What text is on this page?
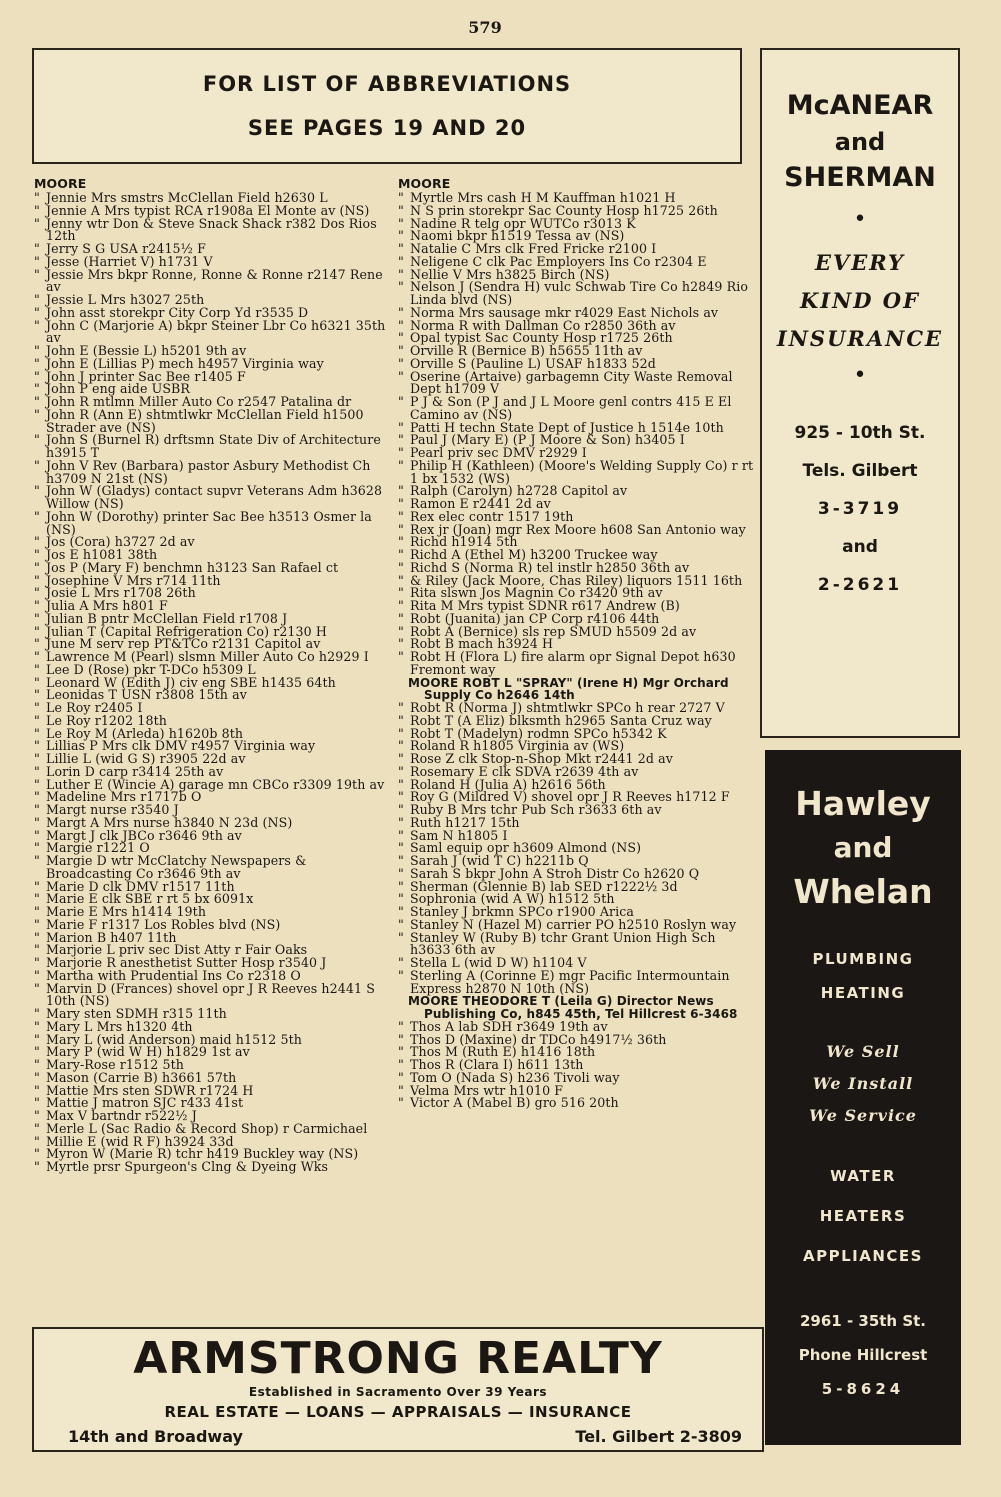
579
FOR LIST OF ABBREVIATIONS
SEE PAGES 19 AND 20
MOORE

" Jennie Mrs smstrs McClellan Field h2630 L

" Jennie A Mrs typist RCA r1908a El Monte av (NS)

" Jenny wtr Don & Steve Snack Shack r382 Dos Rios 12th

" Jerry S G USA r2415½ F

" Jesse (Harriet V) h1731 V

" Jessie Mrs bkpr Ronne, Ronne & Ronne r2147 Rene av

" Jessie L Mrs h3027 25th

" John asst storekpr City Corp Yd r3535 D

" John C (Marjorie A) bkpr Steiner Lbr Co h6321 35th av

" John E (Bessie L) h5201 9th av

" John E (Lillias P) mech h4957 Virginia way

" John J printer Sac Bee r1405 F

" John P eng aide USBR

" John R mtlmn Miller Auto Co r2547 Patalina dr

" John R (Ann E) shtmtlwkr McClellan Field h1500 Strader ave (NS)

" John S (Burnel R) drftsmn State Div of Architecture h3915 T

" John V Rev (Barbara) pastor Asbury Methodist Ch h3709 N 21st (NS)

" John W (Gladys) contact supvr Veterans Adm h3628 Willow (NS)

" John W (Dorothy) printer Sac Bee h3513 Osmer la (NS)

" Jos (Cora) h3727 2d av

" Jos E h1081 38th

" Jos P (Mary F) benchmn h3123 San Rafael ct

" Josephine V Mrs r714 11th

" Josie L Mrs r1708 26th

" Julia A Mrs h801 F

" Julian B pntr McClellan Field r1708 J

" Julian T (Capital Refrigeration Co) r2130 H

" June M serv rep PT&TCo r2131 Capitol av

" Lawrence M (Pearl) slsmn Miller Auto Co h2929 I

" Lee D (Rose) pkr T-DCo h5309 L

" Leonard W (Edith J) civ eng SBE h1435 64th

" Leonidas T USN r3808 15th av

" Le Roy r2405 I

" Le Roy r1202 18th

" Le Roy M (Arleda) h1620b 8th

" Lillias P Mrs clk DMV r4957 Virginia way

" Lillie L (wid G S) r3905 22d av

" Lorin D carp r3414 25th av

" Luther E (Wincie A) garage mn CBCo r3309 19th av

" Madeline Mrs r1717b O

" Margt nurse r3540 J

" Margt A Mrs nurse h3840 N 23d (NS)

" Margt J clk JBCo r3646 9th av

" Margie r1221 O

" Margie D wtr McClatchy Newspapers & Broadcasting Co r3646 9th av

" Marie D clk DMV r1517 11th

" Marie E clk SBE r rt 5 bx 6091x

" Marie E Mrs h1414 19th

" Marie F r1317 Los Robles blvd (NS)

" Marion B h407 11th

" Marjorie L priv sec Dist Atty r Fair Oaks

" Marjorie R anesthetist Sutter Hosp r3540 J

" Martha with Prudential Ins Co r2318 O

" Marvin D (Frances) shovel opr J R Reeves h2441 S 10th (NS)

" Mary sten SDMH r315 11th

" Mary L Mrs h1320 4th

" Mary L (wid Anderson) maid h1512 5th

" Mary P (wid W H) h1829 1st av

" Mary-Rose r1512 5th

" Mason (Carrie B) h3661 57th

" Mattie Mrs sten SDWR r1724 H

" Mattie J matron SJC r433 41st

" Max V bartndr r522½ J

" Merle L (Sac Radio & Record Shop) r Carmichael

" Millie E (wid R F) h3924 33d

" Myron W (Marie R) tchr h419 Buckley way (NS)

" Myrtle prsr Spurgeon's Clng & Dyeing Wks

MOORE

" Myrtle Mrs cash H M Kauffman h1021 H

" N S prin storekpr Sac County Hosp h1725 26th

" Nadine R telg opr WUTCo r3013 K

" Naomi bkpr h1519 Tessa av (NS)

" Natalie C Mrs clk Fred Fricke r2100 I

" Neligene C clk Pac Employers Ins Co r2304 E

" Nellie V Mrs h3825 Birch (NS)

" Nelson J (Sendra H) vulc Schwab Tire Co h2849 Rio Linda blvd (NS)

" Norma Mrs sausage mkr r4029 East Nichols av

" Norma R with Dallman Co r2850 36th av

" Opal typist Sac County Hosp r1725 26th

" Orville R (Bernice B) h5655 11th av

" Orville S (Pauline L) USAF h1833 52d

" Oserine (Artaive) garbagemn City Waste Removal Dept h1709 V

" P J & Son (P J and J L Moore genl contrs 415 E El Camino av (NS)

" Patti H techn State Dept of Justice h 1514e 10th

" Paul J (Mary E) (P J Moore & Son) h3405 I

" Pearl priv sec DMV r2929 I

" Philip H (Kathleen) (Moore's Welding Supply Co) r rt 1 bx 1532 (WS)

" Ralph (Carolyn) h2728 Capitol av

" Ramon E r2441 2d av

" Rex elec contr 1517 19th

" Rex jr (Joan) mgr Rex Moore h608 San Antonio way

" Richd h1914 5th

" Richd A (Ethel M) h3200 Truckee way

" Richd S (Norma R) tel instlr h2850 36th av

" & Riley (Jack Moore, Chas Riley) liquors 1511 16th

" Rita slswn Jos Magnin Co r3420 9th av

" Rita M Mrs typist SDNR r617 Andrew (B)

" Robt (Juanita) jan CP Corp r4106 44th

" Robt A (Bernice) sls rep SMUD h5509 2d av

" Robt B mach h3924 H

" Robt H (Flora L) fire alarm opr Signal Depot h630 Fremont way

MOORE ROBT L "SPRAY" (Irene H) Mgr Orchard Supply Co h2646 14th

" Robt R (Norma J) shtmtlwkr SPCo h rear 2727 V

" Robt T (A Eliz) blksmth h2965 Santa Cruz way

" Robt T (Madelyn) rodmn SPCo h5342 K

" Roland R h1805 Virginia av (WS)

" Rose Z clk Stop-n-Shop Mkt r2441 2d av

" Rosemary E clk SDVA r2639 4th av

" Roland H (Julia A) h2616 56th

" Roy G (Mildred V) shovel opr J R Reeves h1712 F

" Ruby B Mrs tchr Pub Sch r3633 6th av

" Ruth h1217 15th

" Sam N h1805 I

" Saml equip opr h3609 Almond (NS)

" Sarah J (wid T C) h2211b Q

" Sarah S bkpr John A Stroh Distr Co h2620 Q

" Sherman (Glennie B) lab SED r1222½ 3d

" Sophronia (wid A W) h1512 5th

" Stanley J brkmn SPCo r1900 Arica

" Stanley N (Hazel M) carrier PO h2510 Roslyn way

" Stanley W (Ruby B) tchr Grant Union High Sch h3633 6th av

" Stella L (wid D W) h1104 V

" Sterling A (Corinne E) mgr Pacific Intermountain Express h2870 N 10th (NS)

MOORE THEODORE T (Leila G) Director News Publishing Co, h845 45th, Tel Hillcrest 6-3468

" Thos A lab SDH r3649 19th av

" Thos D (Maxine) dr TDCo h4917½ 36th

" Thos M (Ruth E) h1416 18th

" Thos R (Clara I) h611 13th

" Tom O (Nada S) h236 Tivoli way

" Velma Mrs wtr h1010 F

" Victor A (Mabel B) gro 516 20th

McANEAR
and
SHERMAN
•
EVERY
KIND OF
INSURANCE
•
925 - 10th St.
Tels. Gilbert
3-3719
and
2-2621
Hawley
and
Whelan
PLUMBING
HEATING
We Sell
We Install
We Service
WATER
HEATERS
APPLIANCES
2961 - 35th St.
Phone Hillcrest
5-8624
ARMSTRONG REALTY
Established in Sacramento Over 39 Years
REAL ESTATE — LOANS — APPRAISALS — INSURANCE
14th and Broadway	Tel. Gilbert 2-3809
